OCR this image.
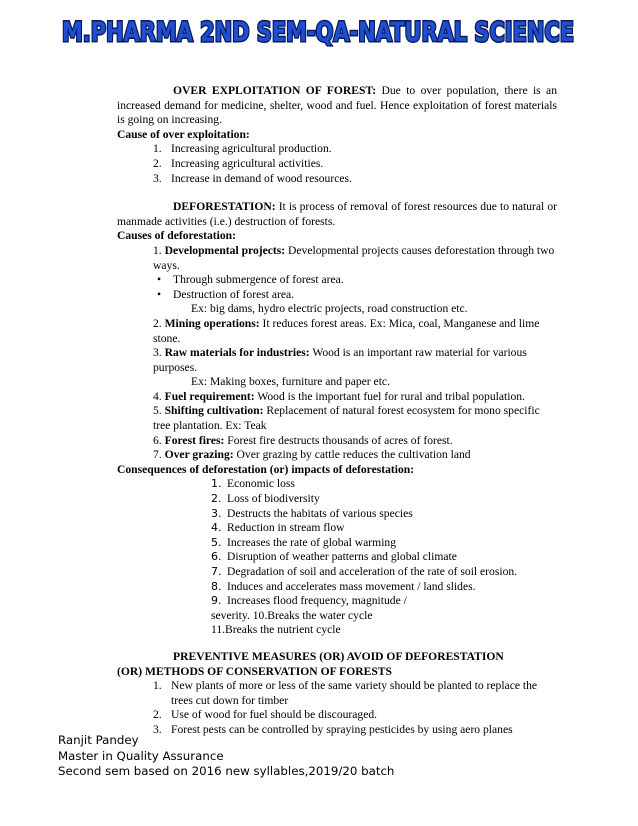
M.PHARMA 2ND SEM-QA-NATURAL SCIENCE

OVER EXPLOITATION OF FOREST: Due to over population, there is an increased demand for medicine, shelter, wood and fuel. Hence exploitation of forest materials is going on increasing.

Cause of over exploitation:

1. Increasing agricultural production.
2. Increasing agricultural activities.
3. Increase in demand of wood resources.

DEFORESTATION: It is process of removal of forest resources due to natural or manmade activities (i.e.) destruction of forests.

Causes of deforestation:

1. Developmental projects: Developmental projects causes deforestation through two ways.

• Through submergence of forest area.

• Destruction of forest area.

Ex: big dams, hydro electric projects, road construction etc.

2. Mining operations: It reduces forest areas. Ex: Mica, coal, Manganese and lime stone.

3. Raw materials for industries: Wood is an important raw material for various purposes.

Ex: Making boxes, furniture and paper etc.

4. Fuel requirement: Wood is the important fuel for rural and tribal population.

5. Shifting cultivation: Replacement of natural forest ecosystem for mono specific tree plantation. Ex: Teak

6. Forest fires: Forest fire destructs thousands of acres of forest.

7. Over grazing: Over grazing by cattle reduces the cultivation land

Consequences of deforestation (or) impacts of deforestation:

1. Economic loss
2. Loss of biodiversity
3. Destructs the habitats of various species
4. Reduction in stream flow
5. Increases the rate of global warming
6. Disruption of weather patterns and global climate
7. Degradation of soil and acceleration of the rate of soil erosion.
8. Induces and accelerates mass movement / land slides.
9. Increases flood frequency, magnitude /
severity. 10.Breaks the water cycle
11.Breaks the nutrient cycle

PREVENTIVE MEASURES (OR) AVOID OF DEFORESTATION

(OR) METHODS OF CONSERVATION OF FORESTS

1. New plants of more or less of the same variety should be planted to replace the trees cut down for timber
2. Use of wood for fuel should be discouraged.
3. Forest pests can be controlled by spraying pesticides by using aero planes
Ranjit Pandey
Master in Quality Assurance
Second sem based on 2016 new syllables,2019/20 batch
